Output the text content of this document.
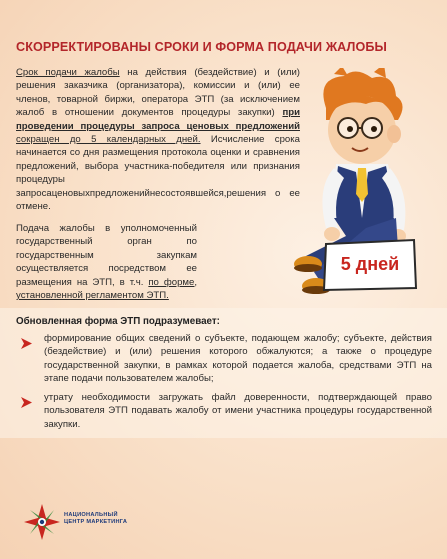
СКОРРЕКТИРОВАНЫ СРОКИ И ФОРМА ПОДАЧИ ЖАЛОБЫ
Срок подачи жалобы на действия (бездействие) и (или) решения заказчика (организатора), комиссии и (или) ее членов, товарной биржи, оператора ЭТП (за исключением жалоб в отношении документов процедуры закупки) при проведении процедуры запроса ценовых предложений сокращен до 5 календарных дней. Исчисление срока начинается со дня размещения протокола оценки и сравнения предложений, выбора участника-победителя или признания процедуры запросаценовыхпредложенийнесостоявшейся,решения о ее отмене.
Подача жалобы в уполномоченный государственный орган по государственным закупкам осуществляется посредством ее размещения на ЭТП, в т.ч. по форме, установленной регламентом ЭТП.
5 дней
Обновленная форма ЭТП подразумевает:
формирование общих сведений о субъекте, подающем жалобу; субъекте, действия (бездействие) и (или) решения которого обжалуются; а также о процедуре государственной закупки, в рамках которой подается жалоба, средствами ЭТП на этапе подачи пользователем жалобы;
утрату необходимости загружать файл доверенности, подтверждающей право пользователя ЭТП подавать жалобу от имени участника процедуры государственной закупки.
НАЦИОНАЛЬНЫЙ
ЦЕНТР МАРКЕТИНГА
